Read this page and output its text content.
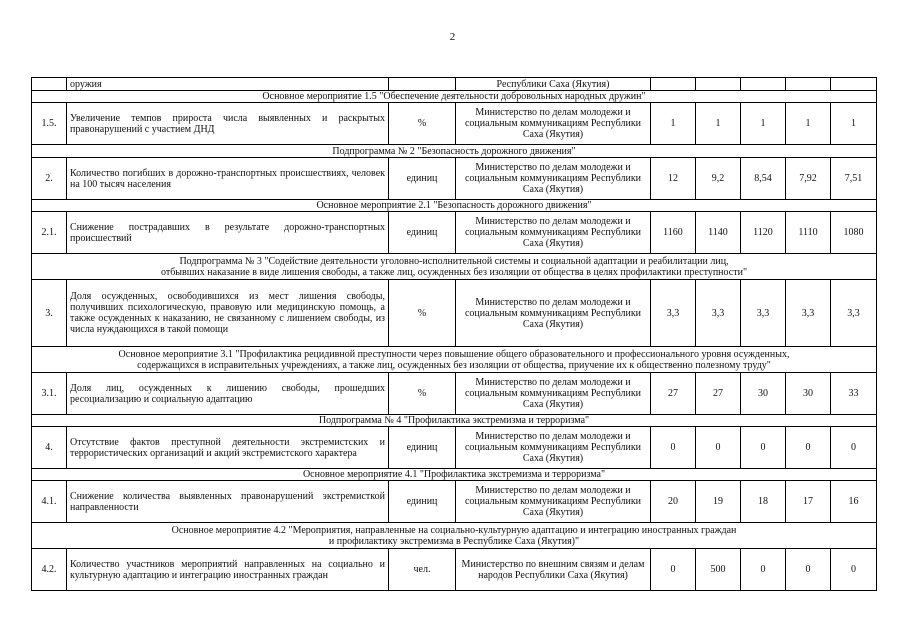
2
	оружия		Республики Саха (Якутия)					

Основное мероприятие 1.5 "Обеспечение деятельности добровольных народных дружин"								

1.5.	Увеличение темпов прироста числа выявленных и раскрытых правонарушений с участием ДНД	%	Министерство по делам молодежи и социальным коммуникациям Республики Саха (Якутия)	1	1	1	1	1

Подпрограмма № 2 "Безопасность дорожного движения"								

2.	Количество погибших в дорожно-транспортных происшествиях, человек на 100 тысяч населения	единиц	Министерство по делам молодежи и социальным коммуникациям Республики Саха (Якутия)	12	9,2	8,54	7,92	7,51

Основное мероприятие 2.1 "Безопасность дорожного движения"								

2.1.	Снижение пострадавших в результате дорожно-транспортных происшествий	единиц	Министерство по делам молодежи и социальным коммуникациям Республики Саха (Якутия)	1160	1140	1120	1110	1080

Подпрограмма № 3 "Содействие деятельности уголовно-исполнительной системы и социальной адаптации и реабилитации лиц,
отбывших наказание в виде лишения свободы, а также лиц, осужденных без изоляции от общества в целях профилактики преступности"								

3.	Доля осужденных, освободившихся из мест лишения свободы, получивших психологическую, правовую или медицинскую помощь, а также осужденных к наказанию, не связанному с лишением свободы, из числа нуждающихся в такой помощи	%	Министерство по делам молодежи и социальным коммуникациям Республики Саха (Якутия)	3,3	3,3	3,3	3,3	3,3

Основное мероприятие 3.1 "Профилактика рецидивной преступности через повышение общего образовательного и профессионального уровня осужденных,
содержащихся в исправительных учреждениях, а также лиц, осужденных без изоляции от общества, приучение их к общественно полезному труду"								

3.1.	Доля лиц, осужденных к лишению свободы, прошедших ресоциализацию и социальную адаптацию	%	Министерство по делам молодежи и социальным коммуникациям Республики Саха (Якутия)	27	27	30	30	33

Подпрограмма № 4 "Профилактика экстремизма и терроризма"								

4.	Отсутствие фактов преступной деятельности экстремистских и террористических организаций и акций экстремистского характера	единиц	Министерство по делам молодежи и социальным коммуникациям Республики Саха (Якутия)	0	0	0	0	0

Основное мероприятие 4.1 "Профилактика экстремизма и терроризма"								

4.1.	Снижение количества выявленных правонарушений экстремисткой направленности	единиц	Министерство по делам молодежи и социальным коммуникациям Республики Саха (Якутия)	20	19	18	17	16

Основное мероприятие 4.2 "Мероприятия, направленные на социально-культурную адаптацию и интеграцию иностранных граждан
и профилактику экстремизма в Республике Саха (Якутия)"								

4.2.	Количество участников мероприятий направленных на социально и культурную адаптацию и интеграцию иностранных граждан	чел.	Министерство по внешним связям и делам народов Республики Саха (Якутия)	0	500	0	0	0
